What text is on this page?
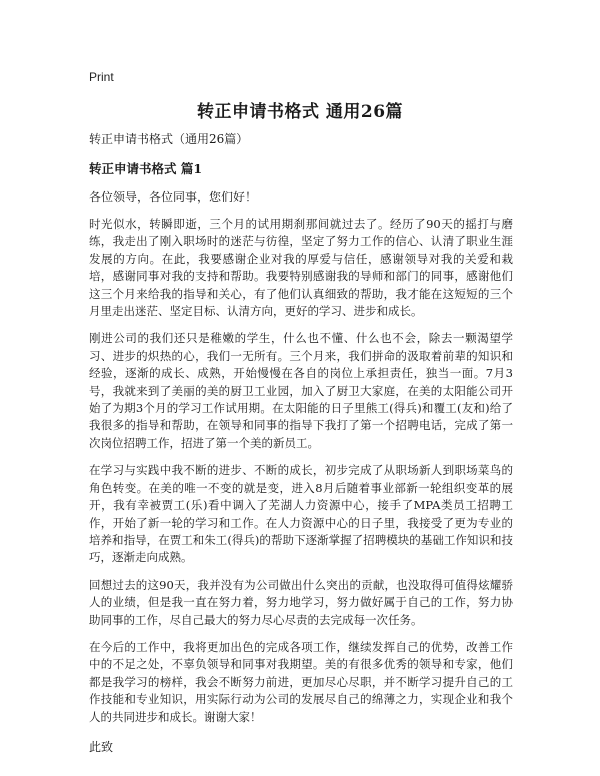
Print
转正申请书格式 通用26篇

转正申请书格式（通用26篇）

转正申请书格式 篇1

各位领导，各位同事，您们好！

时光似水，转瞬即逝，三个月的试用期刹那间就过去了。经历了90天的摇打与磨练，我走出了刚入职场时的迷茫与彷徨，坚定了努力工作的信心、认清了职业生涯发展的方向。在此，我要感谢企业对我的厚爱与信任，感谢领导对我的关爱和栽培，感谢同事对我的支持和帮助。我要特别感谢我的导师和部门的同事，感谢他们这三个月来给我的指导和关心，有了他们认真细致的帮助，我才能在这短短的三个月里走出迷茫、坚定目标、认清方向，更好的学习、进步和成长。

刚进公司的我们还只是稚嫩的学生，什么也不懂、什么也不会，除去一颗渴望学习、进步的炽热的心，我们一无所有。三个月来，我们拼命的汲取着前辈的知识和经验，逐渐的成长、成熟，开始慢慢在各自的岗位上承担责任，独当一面。7月3号，我就来到了美丽的美的厨卫工业园，加入了厨卫大家庭，在美的太阳能公司开始了为期3个月的学习工作试用期。在太阳能的日子里熊工(得兵)和覆工(友和)给了我很多的指导和帮助，在领导和同事的指导下我打了第一个招聘电话，完成了第一次岗位招聘工作，招进了第一个美的新员工。

在学习与实践中我不断的进步、不断的成长，初步完成了从职场新人到职场菜鸟的角色转变。在美的唯一不变的就是变，进入8月后随着事业部新一轮组织变革的展开，我有幸被贾工(乐)看中调入了芜湖人力资源中心，接手了MPA类员工招聘工作，开始了新一轮的学习和工作。在人力资源中心的日子里，我接受了更为专业的培养和指导，在贾工和朱工(得兵)的帮助下逐渐掌握了招聘模块的基础工作知识和技巧，逐渐走向成熟。

回想过去的这90天，我并没有为公司做出什么突出的贡献，也没取得可值得炫耀骄人的业绩，但是我一直在努力着，努力地学习，努力做好属于自己的工作，努力协助同事的工作，尽自己最大的努力尽心尽责的去完成每一次任务。

在今后的工作中，我将更加出色的完成各项工作，继续发挥自己的优势，改善工作中的不足之处，不辜负领导和同事对我期望。美的有很多优秀的领导和专家，他们都是我学习的榜样，我会不断努力前进，更加尽心尽职，并不断学习提升自己的工作技能和专业知识，用实际行动为公司的发展尽自己的绵薄之力，实现企业和我个人的共同进步和成长。谢谢大家！

此致
